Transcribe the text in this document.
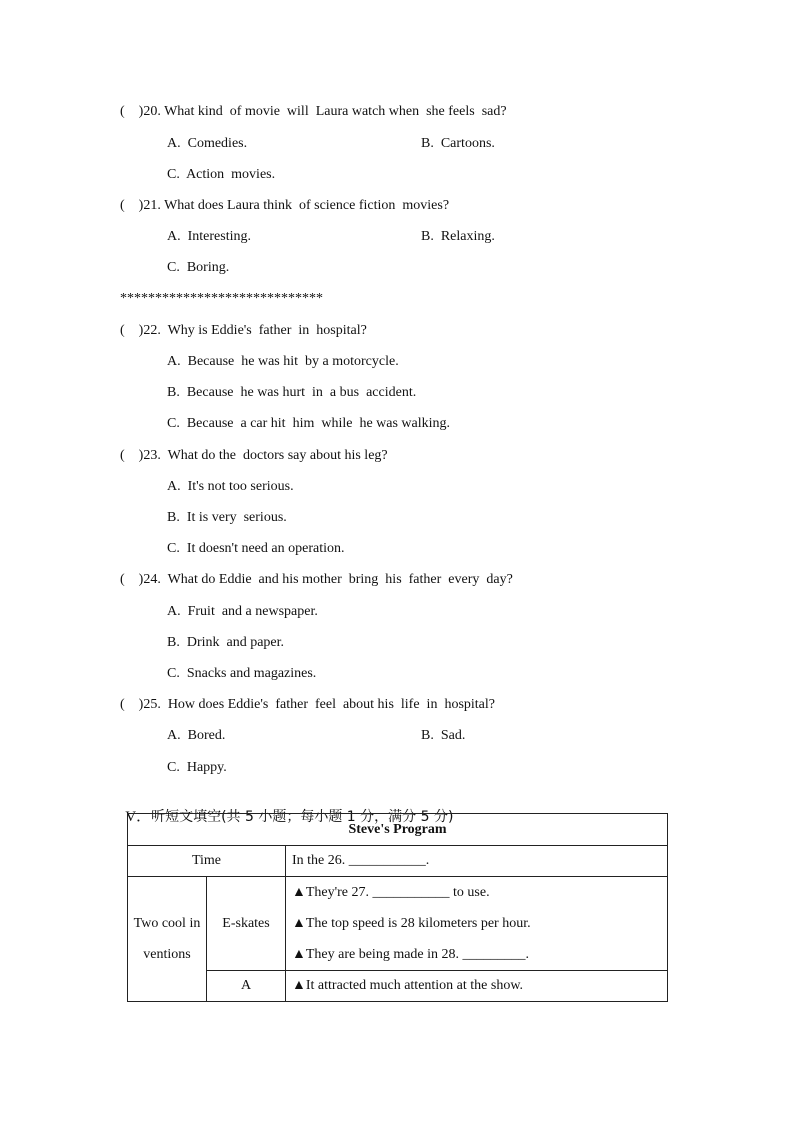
(    )20. What kind  of movie  will  Laura watch when  she feels  sad?
A.  Comedies.	B.  Cartoons.
C.  Action  movies.
(    )21. What does Laura think  of science fiction  movies?
A.  Interesting.	B.  Relaxing.
C.  Boring.
*****************************
(    )22.  Why is Eddie's  father  in  hospital?
A.  Because  he was hit  by a motorcycle.
B.  Because  he was hurt  in  a bus  accident.
C.  Because  a car hit  him  while  he was walking.
(    )23.  What do the  doctors say about his leg?
A.  It's not too serious.
B.  It is very  serious.
C.  It doesn't need an operation.
(    )24.  What do Eddie  and his mother  bring  his  father  every  day?
A.  Fruit  and a newspaper.
B.  Drink  and paper.
C.  Snacks and magazines.
(    )25.  How does Eddie's  father  feel  about his  life  in  hospital?
A.  Bored.	B.  Sad.
C.  Happy.

V．听短文填空(共 5 小题；每小题 1 分，满分 5 分)

Steve's Program		
Time		In the 26. ___________.
Two cool inventions	E-skates	▲They're 27. ___________ to use.
▲The top speed is 28 kilometers per hour.
▲They are being made in 28. _________.

	A	▲It attracted much attention at the show.
